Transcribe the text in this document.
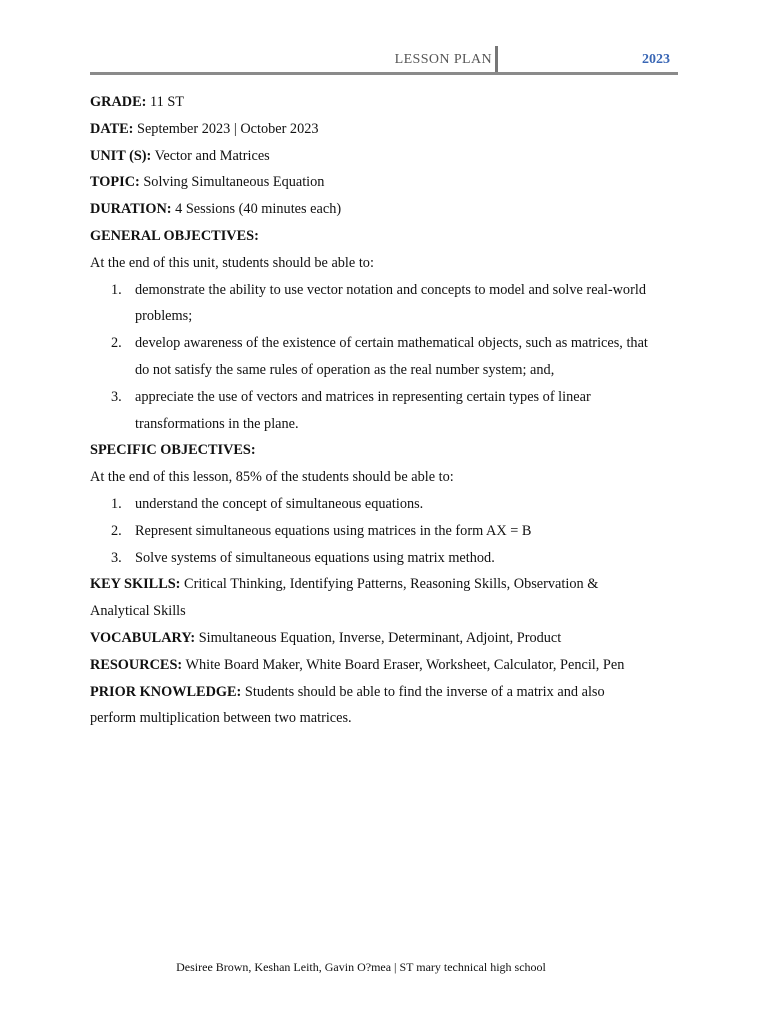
LESSON PLAN	2023
GRADE: 11 ST
DATE: September 2023 | October 2023
UNIT (S): Vector and Matrices
TOPIC: Solving Simultaneous Equation
DURATION: 4 Sessions (40 minutes each)
GENERAL OBJECTIVES:
At the end of this unit, students should be able to:
1. demonstrate the ability to use vector notation and concepts to model and solve real-world
problems;
2. develop awareness of the existence of certain mathematical objects, such as matrices, that
do not satisfy the same rules of operation as the real number system; and,
3. appreciate the use of vectors and matrices in representing certain types of linear
transformations in the plane.
SPECIFIC OBJECTIVES:
At the end of this lesson, 85% of the students should be able to:
1. understand the concept of simultaneous equations.
2. Represent simultaneous equations using matrices in the form AX = B
3. Solve systems of simultaneous equations using matrix method.
KEY SKILLS: Critical Thinking, Identifying Patterns, Reasoning Skills, Observation &
Analytical Skills
VOCABULARY: Simultaneous Equation, Inverse, Determinant, Adjoint, Product
RESOURCES: White Board Maker, White Board Eraser, Worksheet, Calculator, Pencil, Pen
PRIOR KNOWLEDGE: Students should be able to find the inverse of a matrix and also
perform multiplication between two matrices.
Desiree Brown, Keshan Leith, Gavin O?mea | ST mary technical high school
